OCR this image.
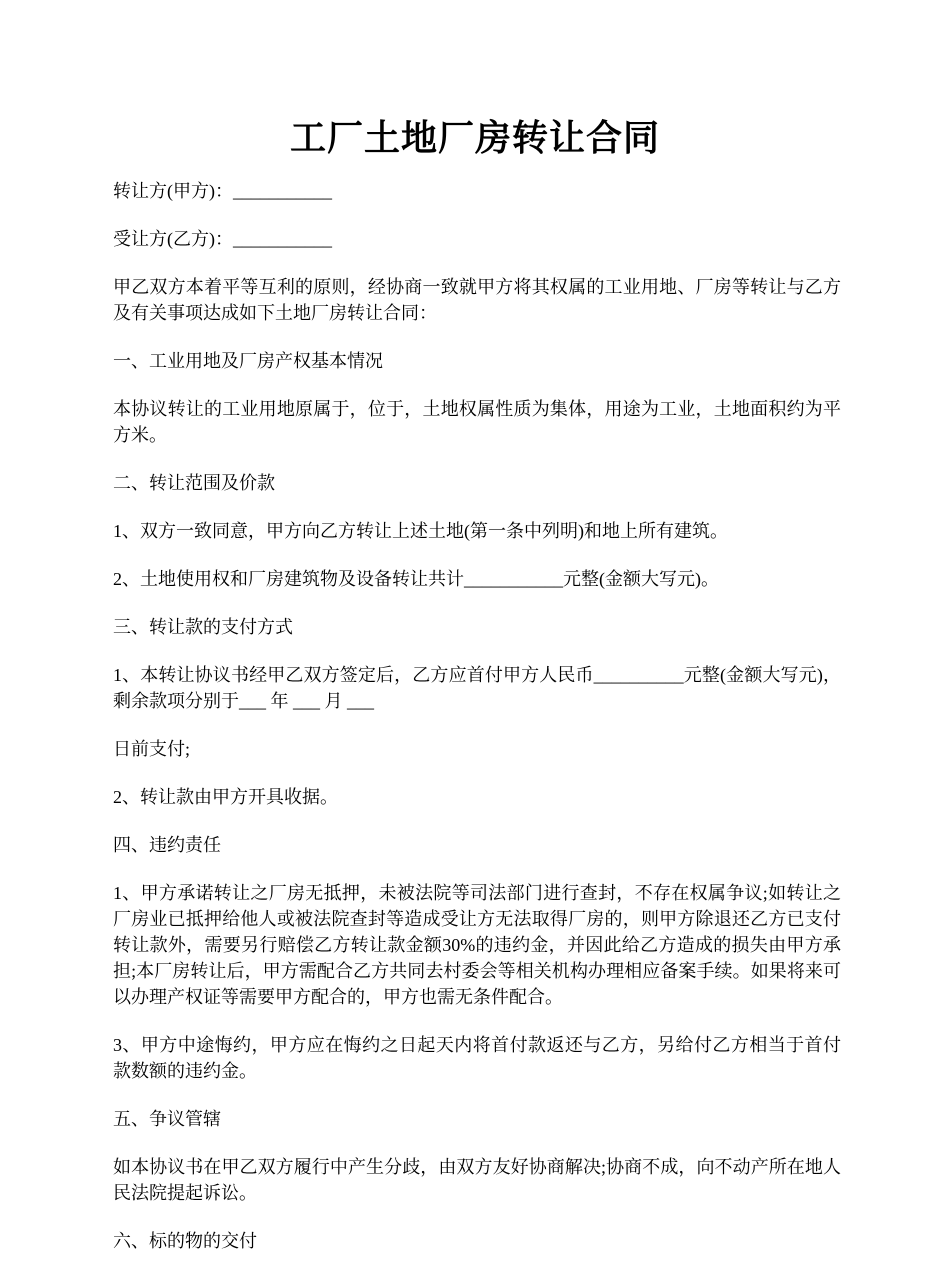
工厂土地厂房转让合同

转让方(甲方)：___________

受让方(乙方)：___________

甲乙双方本着平等互利的原则，经协商一致就甲方将其权属的工业用地、厂房等转让与乙方及有关事项达成如下土地厂房转让合同：

一、工业用地及厂房产权基本情况

本协议转让的工业用地原属于，位于，土地权属性质为集体，用途为工业，土地面积约为平方米。

二、转让范围及价款

1、双方一致同意，甲方向乙方转让上述土地(第一条中列明)和地上所有建筑。

2、土地使用权和厂房建筑物及设备转让共计___________元整(金额大写元)。

三、转让款的支付方式

1、本转让协议书经甲乙双方签定后，乙方应首付甲方人民币__________元整(金额大写元)，剩余款项分别于___ 年 ___ 月 ___

日前支付;

2、转让款由甲方开具收据。

四、违约责任

1、甲方承诺转让之厂房无抵押，未被法院等司法部门进行查封，不存在权属争议;如转让之厂房业已抵押给他人或被法院查封等造成受让方无法取得厂房的，则甲方除退还乙方已支付转让款外，需要另行赔偿乙方转让款金额30%的违约金，并因此给乙方造成的损失由甲方承担;本厂房转让后，甲方需配合乙方共同去村委会等相关机构办理相应备案手续。如果将来可以办理产权证等需要甲方配合的，甲方也需无条件配合。

3、甲方中途悔约，甲方应在悔约之日起天内将首付款返还与乙方，另给付乙方相当于首付款数额的违约金。

五、争议管辖

如本协议书在甲乙双方履行中产生分歧，由双方友好协商解决;协商不成，向不动产所在地人民法院提起诉讼。

六、标的物的交付
